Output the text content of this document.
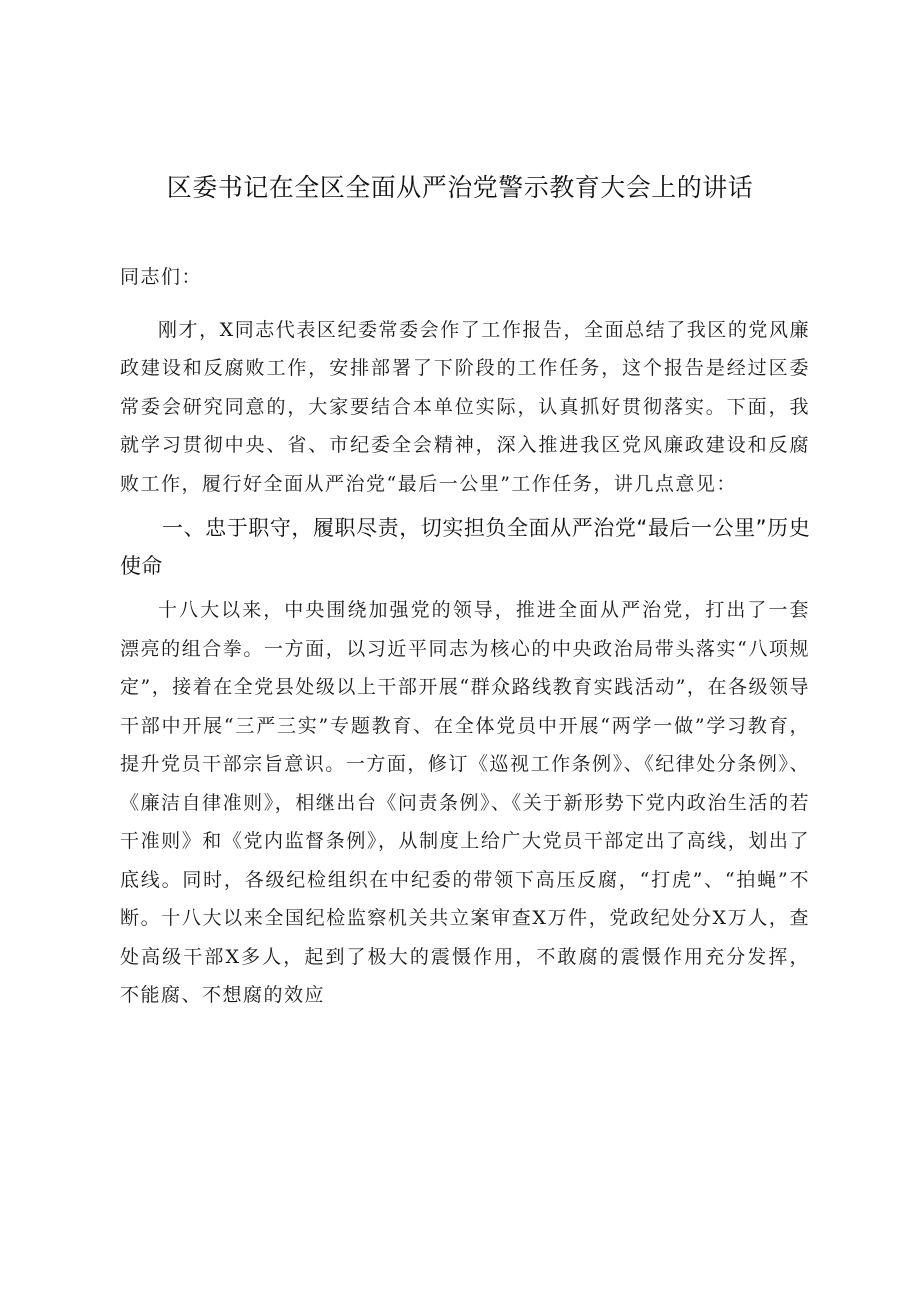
区委书记在全区全面从严治党警示教育大会上的讲话

同志们：

刚才，X同志代表区纪委常委会作了工作报告，全面总结了我区的党风廉政建设和反腐败工作，安排部署了下阶段的工作任务，这个报告是经过区委常委会研究同意的，大家要结合本单位实际，认真抓好贯彻落实。下面，我就学习贯彻中央、省、市纪委全会精神，深入推进我区党风廉政建设和反腐败工作，履行好全面从严治党“最后一公里”工作任务，讲几点意见：

一、忠于职守，履职尽责，切实担负全面从严治党“最后一公里”历史使命

十八大以来，中央围绕加强党的领导，推进全面从严治党，打出了一套漂亮的组合拳。一方面，以习近平同志为核心的中央政治局带头落实“八项规定”，接着在全党县处级以上干部开展“群众路线教育实践活动”，在各级领导干部中开展“三严三实”专题教育、在全体党员中开展“两学一做”学习教育，提升党员干部宗旨意识。一方面，修订《巡视工作条例》、《纪律处分条例》、《廉洁自律准则》，相继出台《问责条例》、《关于新形势下党内政治生活的若干准则》和《党内监督条例》，从制度上给广大党员干部定出了高线，划出了底线。同时，各级纪检组织在中纪委的带领下高压反腐，“打虎”、“拍蝇”不断。十八大以来全国纪检监察机关共立案审查X万件，党政纪处分X万人，查处高级干部X多人，起到了极大的震慑作用，不敢腐的震慑作用充分发挥，不能腐、不想腐的效应
